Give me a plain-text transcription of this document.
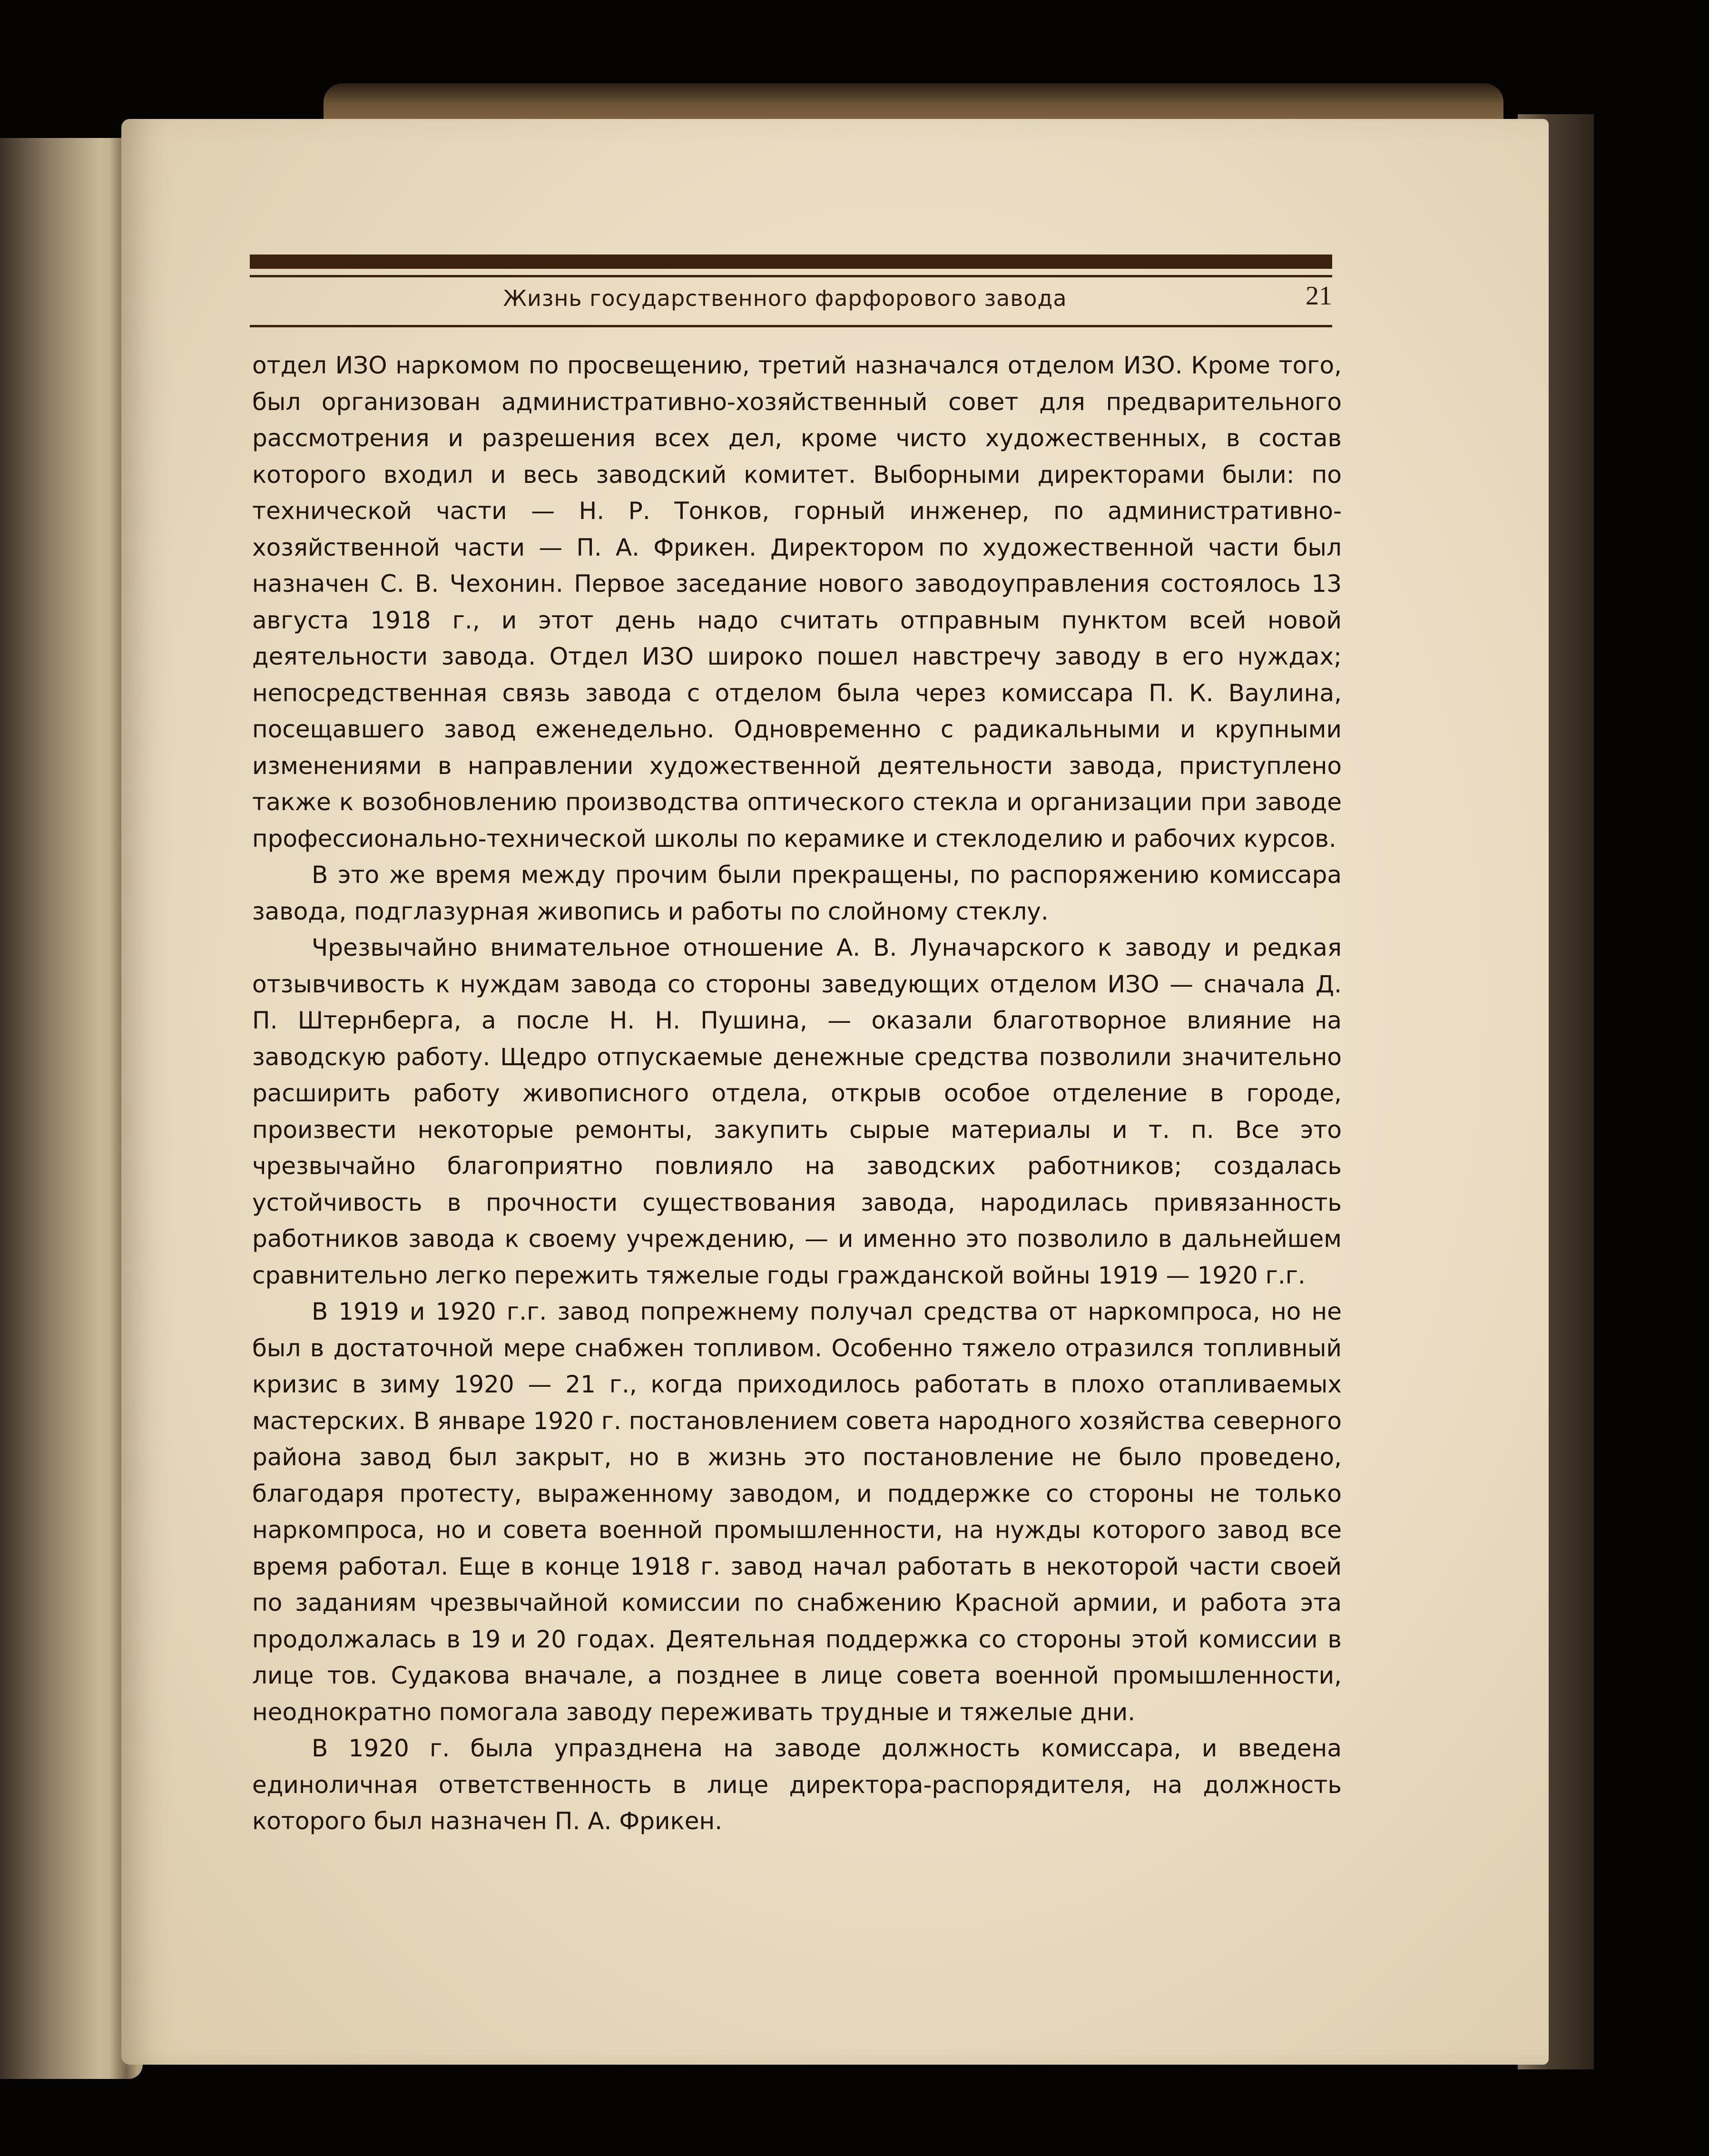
Жизнь государственного фарфорового завода	21

отдел ИЗО наркомом по просвещению, третий назначался отделом ИЗО. Кроме того, был организован административно-хозяйственный совет для предварительного рассмотрения и разрешения всех дел, кроме чисто художественных, в состав которого входил и весь заводский комитет. Выборными директорами были: по технической части — Н. Р. Тонков, горный инженер, по административно-хозяйственной части — П. А. Фрикен. Директором по художественной части был назначен С. В. Чехонин. Первое заседание нового заводоуправления состоялось 13 августа 1918 г., и этот день надо считать отправным пунктом всей новой деятельности завода. Отдел ИЗО широко пошел навстречу заводу в его нуждах; непосредственная связь завода с отделом была через комиссара П. К. Ваулина, посещавшего завод еженедельно. Одновременно с радикальными и крупными изменениями в направлении художественной деятельности завода, приступлено также к возобновлению производства оптического стекла и организации при заводе профессионально-технической школы по керамике и стеклоделию и рабочих курсов.

В это же время между прочим были прекращены, по распоряжению комиссара завода, подглазурная живопись и работы по слойному стеклу.

Чрезвычайно внимательное отношение А. В. Луначарского к заводу и редкая отзывчивость к нуждам завода со стороны заведующих отделом ИЗО — сначала Д. П. Штернберга, а после Н. Н. Пушина, — оказали благотворное влияние на заводскую работу. Щедро отпускаемые денежные средства позволили значительно расширить работу живописного отдела, открыв особое отделение в городе, произвести некоторые ремонты, закупить сырые материалы и т. п. Все это чрезвычайно благоприятно повлияло на заводских работников; создалась устойчивость в прочности существования завода, народилась привязанность работников завода к своему учреждению, — и именно это позволило в дальнейшем сравнительно легко пережить тяжелые годы гражданской войны 1919 — 1920 г.г.

В 1919 и 1920 г.г. завод попрежнему получал средства от наркомпроса, но не был в достаточной мере снабжен топливом. Особенно тяжело отразился топливный кризис в зиму 1920 — 21 г., когда приходилось работать в плохо отапливаемых мастерских. В январе 1920 г. постановлением совета народного хозяйства северного района завод был закрыт, но в жизнь это постановление не было проведено, благодаря протесту, выраженному заводом, и поддержке со стороны не только наркомпроса, но и совета военной промышленности, на нужды которого завод все время работал. Еще в конце 1918 г. завод начал работать в некоторой части своей по заданиям чрезвычайной комиссии по снабжению Красной армии, и работа эта продолжалась в 19 и 20 годах. Деятельная поддержка со стороны этой комиссии в лице тов. Судакова вначале, а позднее в лице совета военной промышленности, неоднократно помогала заводу переживать трудные и тяжелые дни.

В 1920 г. была упразднена на заводе должность комиссара, и введена единоличная ответственность в лице директора-распорядителя, на должность которого был назначен П. А. Фрикен.
